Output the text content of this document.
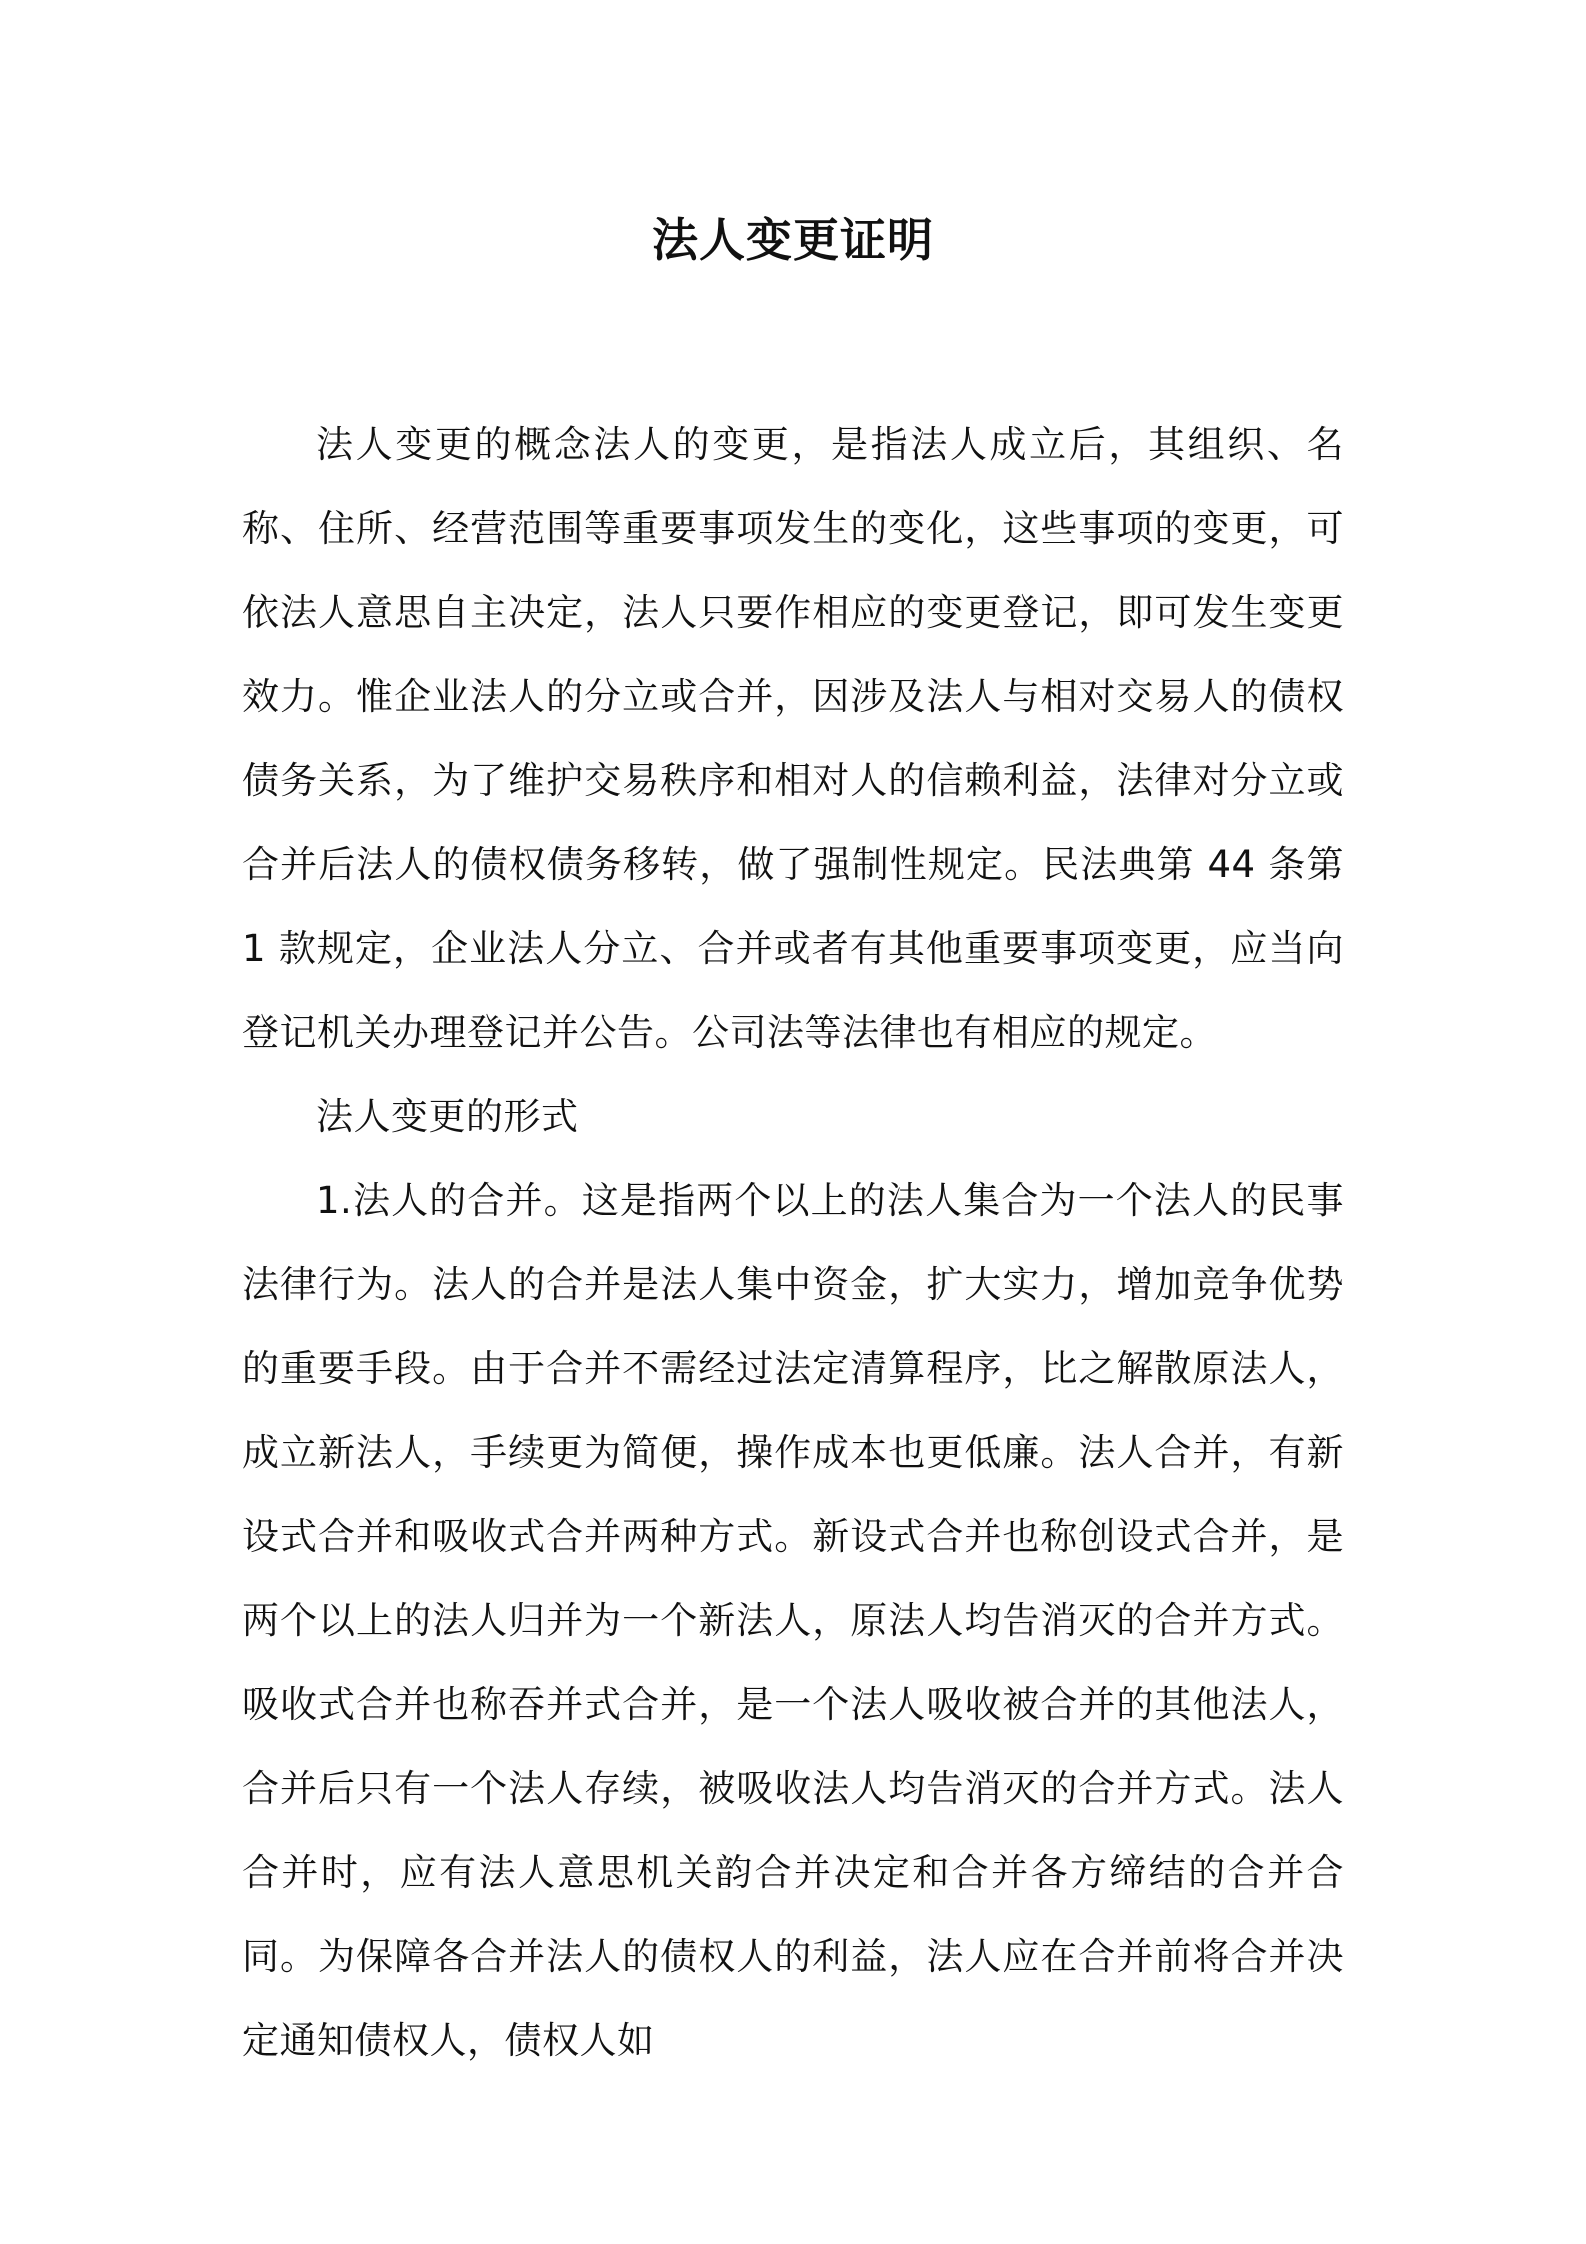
法人变更证明

法人变更的概念法人的变更，是指法人成立后，其组织、名称、住所、经营范围等重要事项发生的变化，这些事项的变更，可依法人意思自主决定，法人只要作相应的变更登记，即可发生变更效力。惟企业法人的分立或合并，因涉及法人与相对交易人的债权债务关系，为了维护交易秩序和相对人的信赖利益，法律对分立或合并后法人的债权债务移转，做了强制性规定。民法典第 44 条第 1 款规定，企业法人分立、合并或者有其他重要事项变更，应当向登记机关办理登记并公告。公司法等法律也有相应的规定。

法人变更的形式

1.法人的合并。这是指两个以上的法人集合为一个法人的民事法律行为。法人的合并是法人集中资金，扩大实力，增加竞争优势的重要手段。由于合并不需经过法定清算程序，比之解散原法人，成立新法人，手续更为简便，操作成本也更低廉。法人合并，有新设式合并和吸收式合并两种方式。新设式合并也称创设式合并，是两个以上的法人归并为一个新法人，原法人均告消灭的合并方式。吸收式合并也称吞并式合并，是一个法人吸收被合并的其他法人，合并后只有一个法人存续，被吸收法人均告消灭的合并方式。法人合并时，应有法人意思机关韵合并决定和合并各方缔结的合并合同。为保障各合并法人的债权人的利益，法人应在合并前将合并决定通知债权人，债权人如
